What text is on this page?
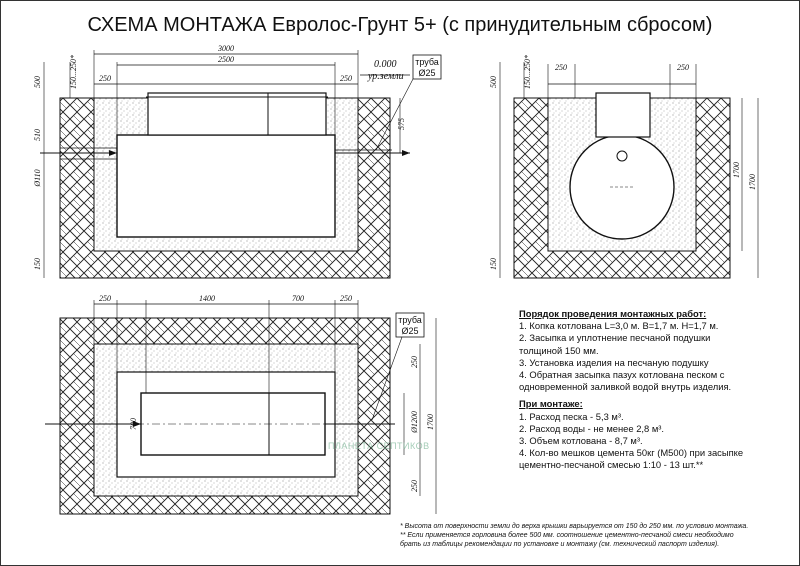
СХЕМА МОНТАЖА Евролос-Грунт 5+ (с принудительным сбросом)
3000
2500
250	250
0.000
ур.земли
труба
Ø25
500	150...250*
510
Ø110
150
575
250	250
500	150...250*
150
1700
1700
250	1400	700	250
труба
Ø25
250
Ø1200 1700
250
700
ПЛАНЕТА СЕПТИКОВ
Порядок проведения монтажных работ:
1. Копка котлована L=3,0 м. В=1,7 м. Н=1,7 м.
2. Засыпка и уплотнение песчаной подушки
толщиной 150 мм.
3. Установка изделия на песчаную подушку
4. Обратная засыпка пазух котлована песком с
одновременной заливкой водой внутрь изделия.
При монтаже:
1. Расход песка - 5,3 м³.
2. Расход воды - не менее 2,8 м³.
3. Объем котлована - 8,7 м³.
4. Кол-во мешков цемента 50кг (М500) при засыпке
цементно-песчаной смесью 1:10 - 13 шт.**
* Высота от поверхности земли до верха крышки варьируется от 150 до 250 мм. по условию монтажа.
** Если применяется горловина более 500 мм. соотношение цементно-песчаной смеси необходимо
брать из таблицы рекомендации по установке и монтажу (см. технический паспорт изделия).
